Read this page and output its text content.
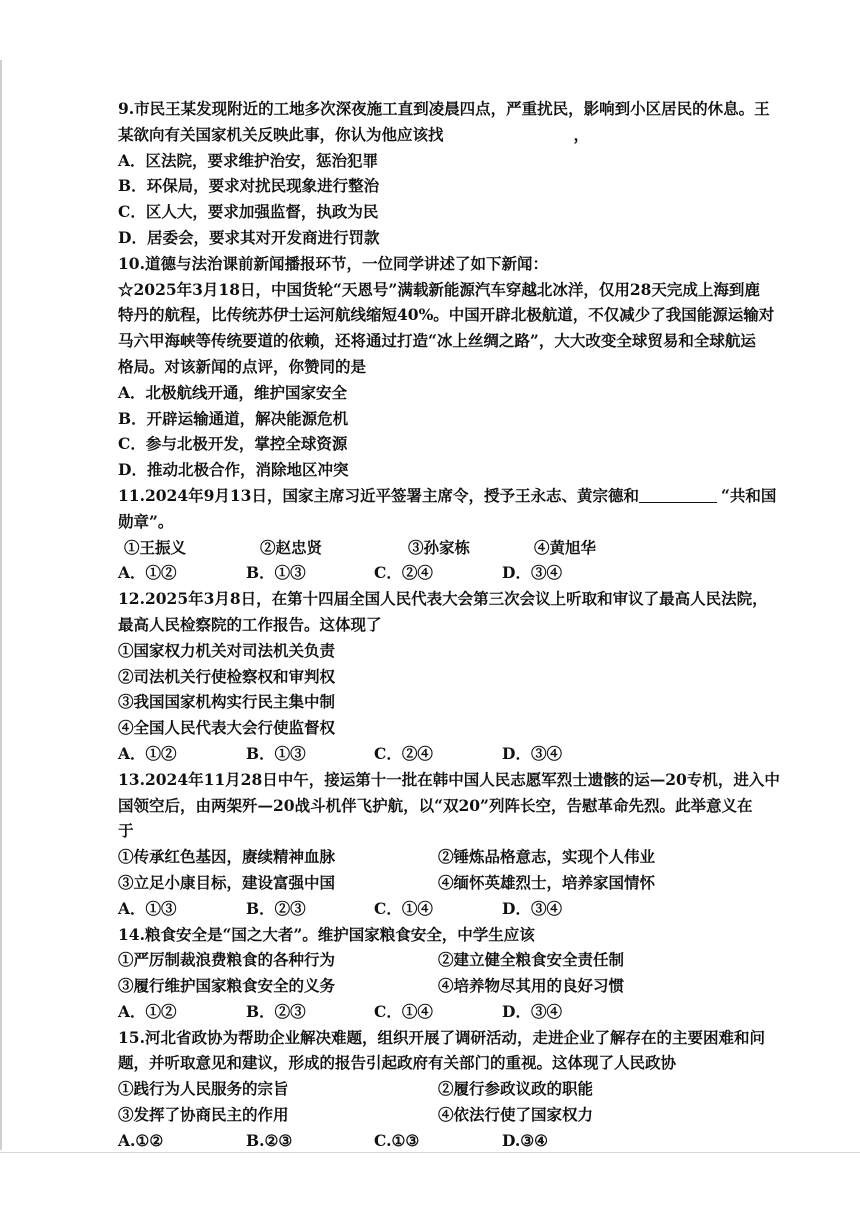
9.市民王某发现附近的工地多次深夜施工直到凌晨四点，严重扰民，影响到小区居民的休息。王
某欲向有关国家机关反映此事，你认为他应该找	，
A．区法院，要求维护治安，惩治犯罪
B．环保局，要求对扰民现象进行整治
C．区人大，要求加强监督，执政为民
D．居委会，要求其对开发商进行罚款
10.道德与法治课前新闻播报环节，一位同学讲述了如下新闻：
☆2025年3月18日，中国货轮“天恩号”满载新能源汽车穿越北冰洋，仅用28天完成上海到鹿
特丹的航程，比传统苏伊士运河航线缩短40%。中国开辟北极航道，不仅减少了我国能源运输对
马六甲海峡等传统要道的依赖，还将通过打造“冰上丝绸之路”，大大改变全球贸易和全球航运
格局。对该新闻的点评，你赞同的是
A．北极航线开通，维护国家安全
B．开辟运输通道，解决能源危机
C．参与北极开发，掌控全球资源
D．推动北极合作，消除地区冲突
11.2024年9月13日，国家主席习近平签署主席令，授予王永志、黄宗德和	“共和国
勋章”。
①王振义	②赵忠贤	③孙家栋	④黄旭华
A．①②	B．①③	C．②④	D．③④
12.2025年3月8日，在第十四届全国人民代表大会第三次会议上听取和审议了最高人民法院，
最高人民检察院的工作报告。这体现了
①国家权力机关对司法机关负责
②司法机关行使检察权和审判权
③我国国家机构实行民主集中制
④全国人民代表大会行使监督权
A．①②	B．①③	C．②④	D．③④
13.2024年11月28日中午，接运第十一批在韩中国人民志愿军烈士遗骸的运—20专机，进入中
国领空后，由两架歼—20战斗机伴飞护航，以“双20”列阵长空，告慰革命先烈。此举意义在
于
①传承红色基因，赓续精神血脉	②锤炼品格意志，实现个人伟业
③立足小康目标，建设富强中国	④缅怀英雄烈士，培养家国情怀
A．①③	B．②③	C．①④	D．③④
14.粮食安全是“国之大者”。维护国家粮食安全，中学生应该
①严厉制裁浪费粮食的各种行为	②建立健全粮食安全责任制
③履行维护国家粮食安全的义务	④培养物尽其用的良好习惯
A．①②	B．②③	C．①④	D．③④
15.河北省政协为帮助企业解决难题，组织开展了调研活动，走进企业了解存在的主要困难和问
题，并听取意见和建议，形成的报告引起政府有关部门的重视。这体现了人民政协
①践行为人民服务的宗旨	②履行参政议政的职能
③发挥了协商民主的作用	④依法行使了国家权力
A.①②	B.②③	C.①③	D.③④
